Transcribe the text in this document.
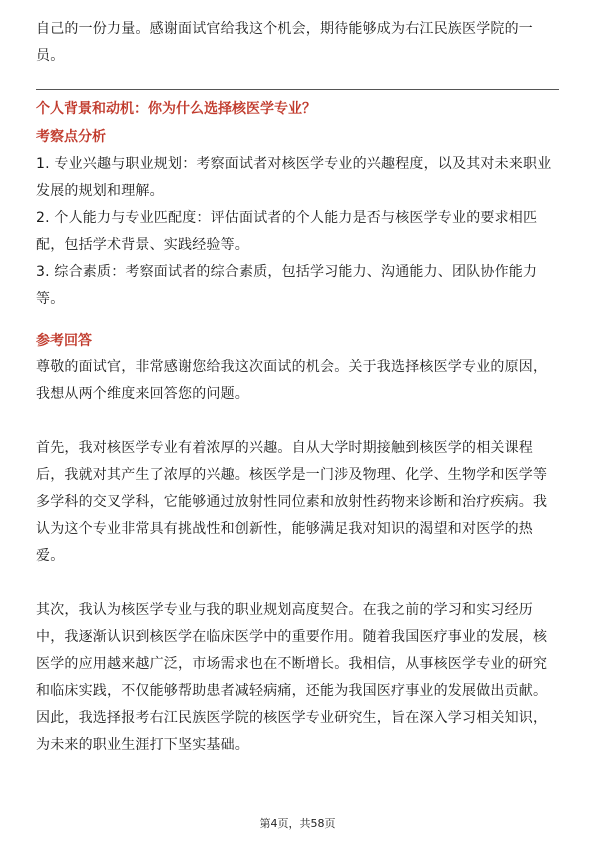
自己的一份力量。感谢面试官给我这个机会，期待能够成为右江民族医学院的一员。

个人背景和动机：你为什么选择核医学专业？

考察点分析

1. 专业兴趣与职业规划：考察面试者对核医学专业的兴趣程度，以及其对未来职业发展的规划和理解。

2. 个人能力与专业匹配度：评估面试者的个人能力是否与核医学专业的要求相匹配，包括学术背景、实践经验等。

3. 综合素质：考察面试者的综合素质，包括学习能力、沟通能力、团队协作能力等。

参考回答

尊敬的面试官，非常感谢您给我这次面试的机会。关于我选择核医学专业的原因，我想从两个维度来回答您的问题。

首先，我对核医学专业有着浓厚的兴趣。自从大学时期接触到核医学的相关课程后，我就对其产生了浓厚的兴趣。核医学是一门涉及物理、化学、生物学和医学等多学科的交叉学科，它能够通过放射性同位素和放射性药物来诊断和治疗疾病。我认为这个专业非常具有挑战性和创新性，能够满足我对知识的渴望和对医学的热爱。

其次，我认为核医学专业与我的职业规划高度契合。在我之前的学习和实习经历中，我逐渐认识到核医学在临床医学中的重要作用。随着我国医疗事业的发展，核医学的应用越来越广泛，市场需求也在不断增长。我相信，从事核医学专业的研究和临床实践，不仅能够帮助患者减轻病痛，还能为我国医疗事业的发展做出贡献。因此，我选择报考右江民族医学院的核医学专业研究生，旨在深入学习相关知识，为未来的职业生涯打下坚实基础。

第4页，共58页
